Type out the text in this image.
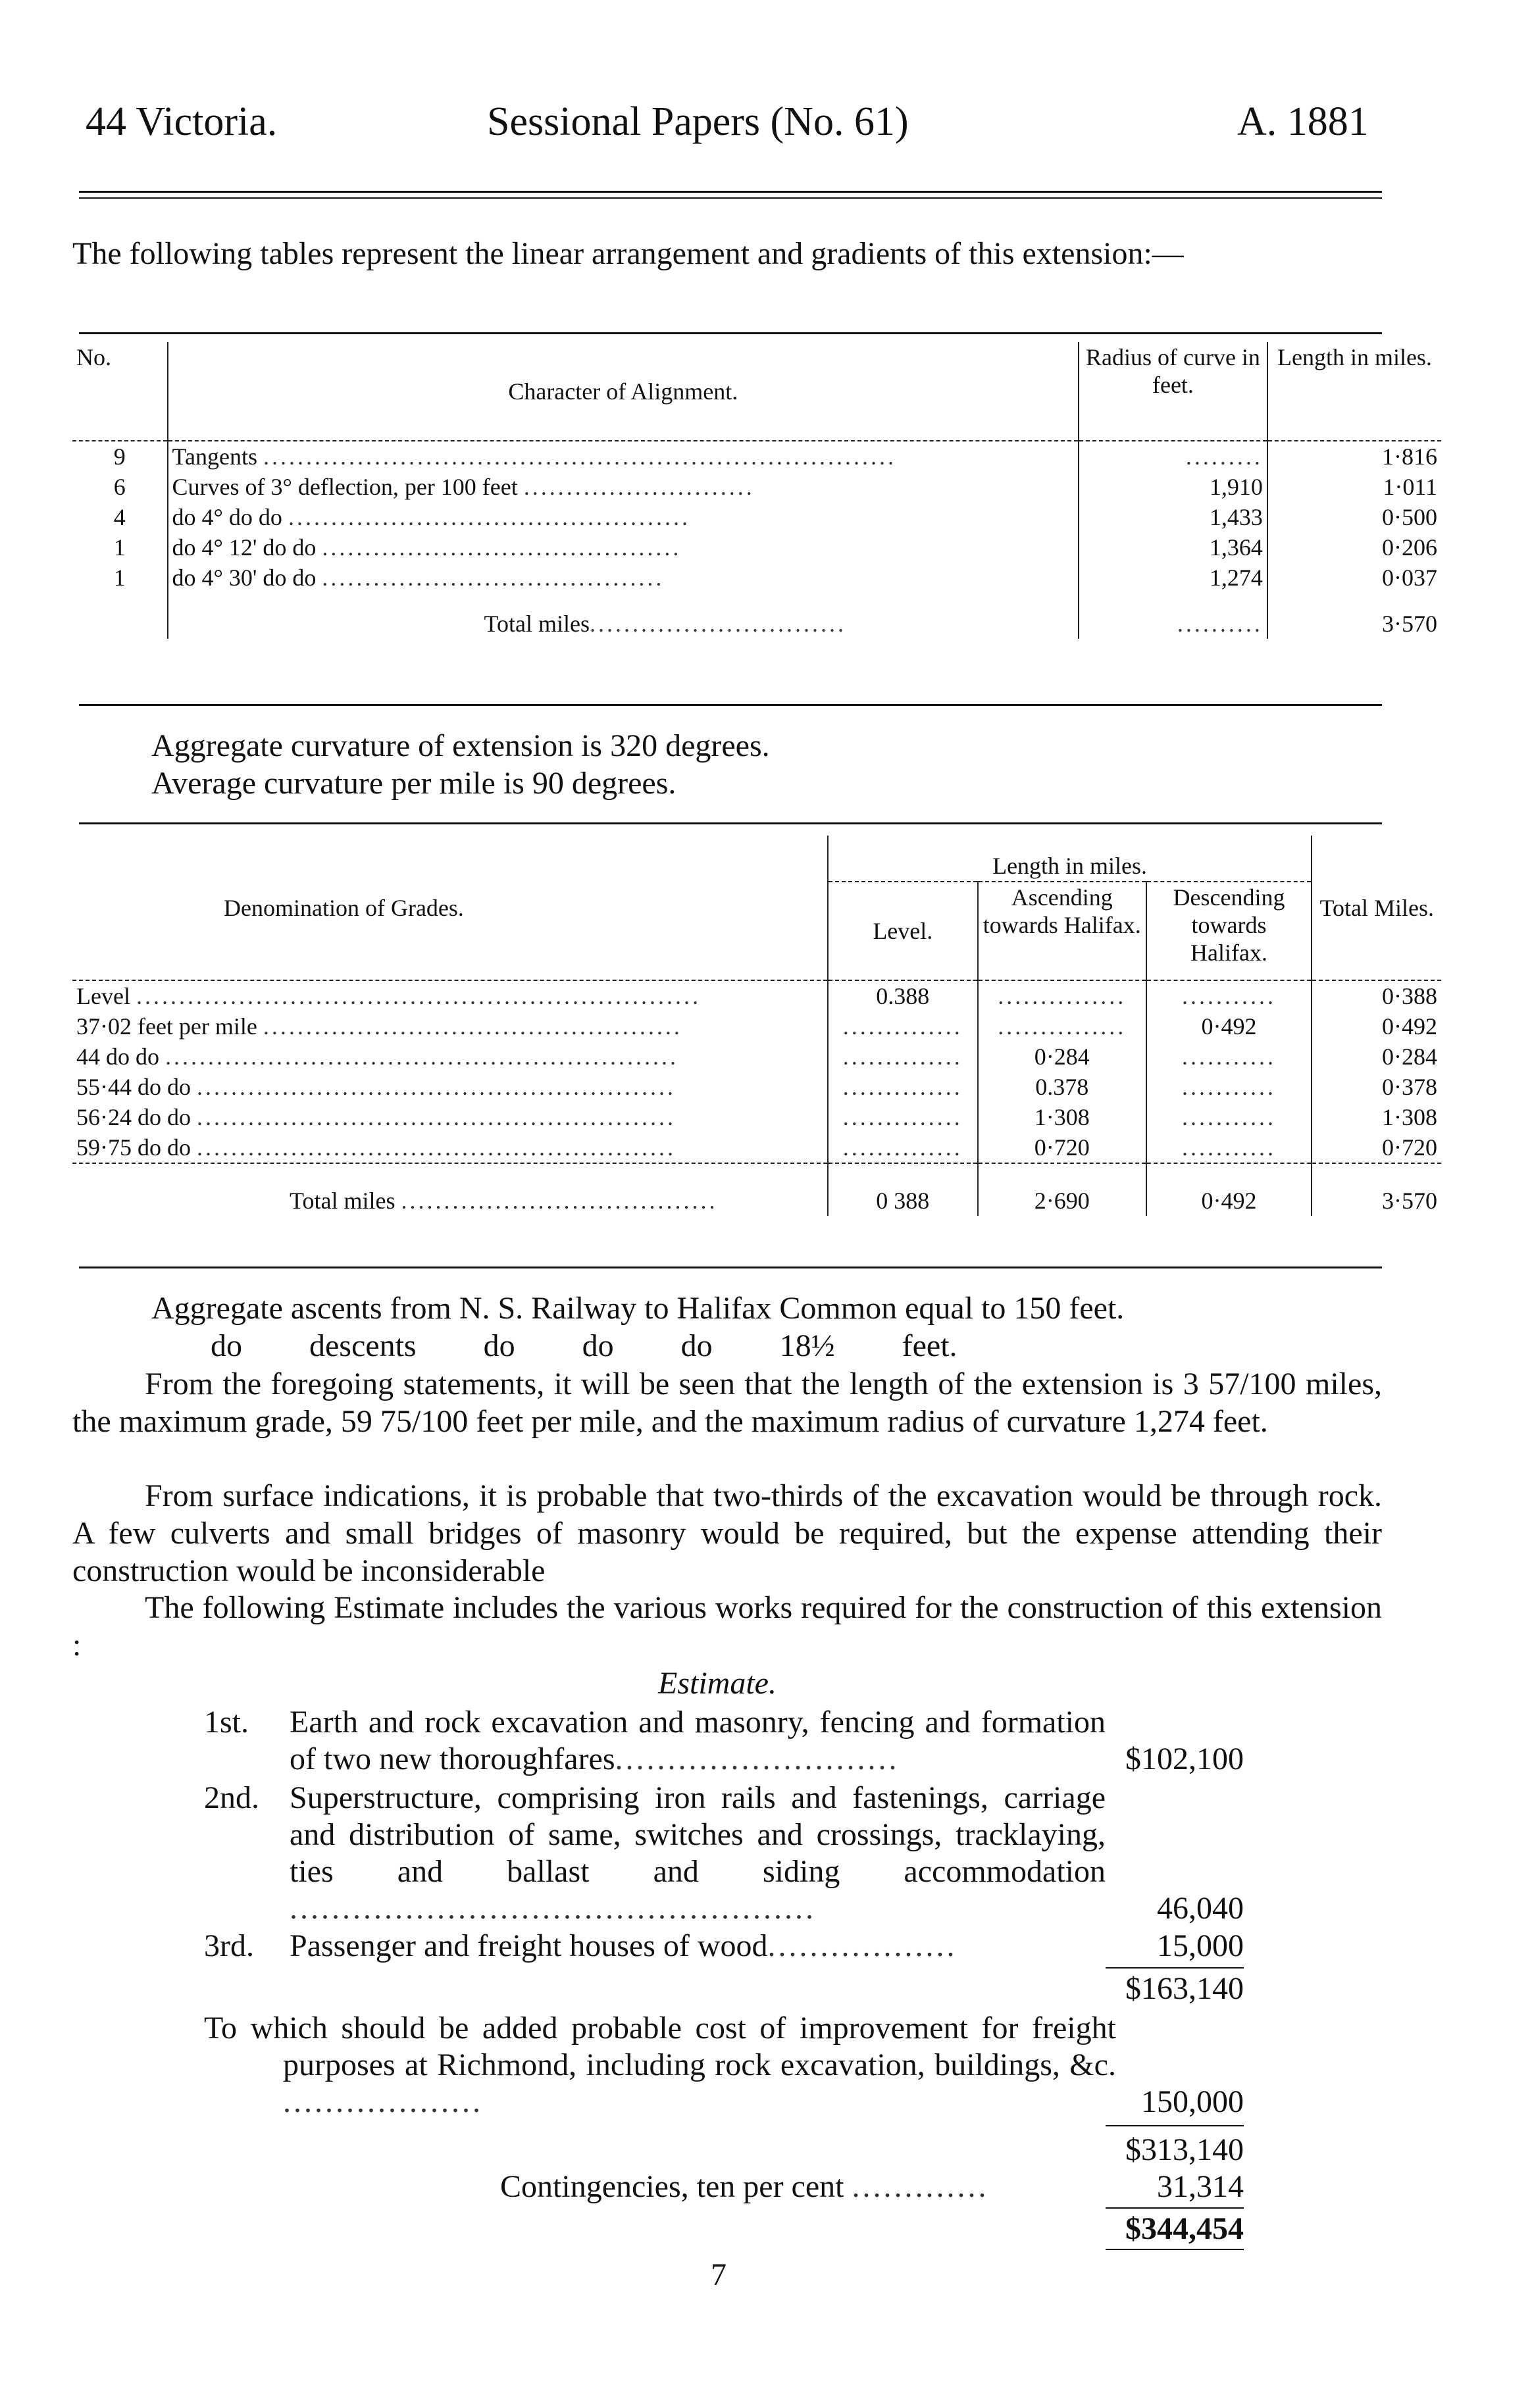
44 Victoria.	Sessional Papers (No. 61)	A. 1881
The following tables represent the linear arrangement and gradients of this extension:—
No.	Character of Alignment.	Radius of curve in feet.	Length in miles.
9	Tangents ..........................................................................	.........	1·816
6	Curves of 3° deflection, per 100 feet ...........................	1,910	1·011
4	do 4° do do ...............................................	1,433	0·500
1	do 4° 12' do do ..........................................	1,364	0·206
1	do 4° 30' do do ........................................	1,274	0·037
	Total miles..............................	..........	3·570
Aggregate curvature of extension is 320 degrees.
Average curvature per mile is 90 degrees.
Denomination of Grades.	Length in miles.			Total Miles.
	Level.	Ascending towards Halifax.	Descending towards Halifax.	
Level ..................................................................	0.388	...............	...........	0·388
37·02 feet per mile .................................................	..............	...............	0·492	0·492
44 do do ............................................................	..............	0·284	...........	0·284
55·44 do do ........................................................	..............	0.378	...........	0·378
56·24 do do ........................................................	..............	1·308	...........	1·308
59·75 do do ........................................................	..............	0·720	...........	0·720
Total miles .....................................	0 388	2·690	0·492	3·570
Aggregate ascents from N. S. Railway to Halifax Common equal to 150 feet.
do descents do do do 18½ feet.
From the foregoing statements, it will be seen that the length of the extension is 3 57/100 miles, the maximum grade, 59 75/100 feet per mile, and the maximum radius of curvature 1,274 feet.
From surface indications, it is probable that two-thirds of the excavation would be through rock. A few culverts and small bridges of masonry would be required, but the expense attending their construction would be inconsiderable
The following Estimate includes the various works required for the construction of this extension :
Estimate.
1st.	Earth and rock excavation and masonry, fencing and formation of two new thoroughfares...........................	$102,100
2nd. Superstructure, comprising iron rails and fastenings, carriage and distribution of same, switches and crossings, tracklaying, ties and ballast and siding accommodation ..................................................	46,040
3rd.	Passenger and freight houses of wood..................	15,000
$163,140
To which should be added probable cost of improvement for freight purposes at Richmond, including rock excavation, buildings, &c. ...................	150,000
$313,140
Contingencies, ten per cent .............	31,314
$344,454
7
